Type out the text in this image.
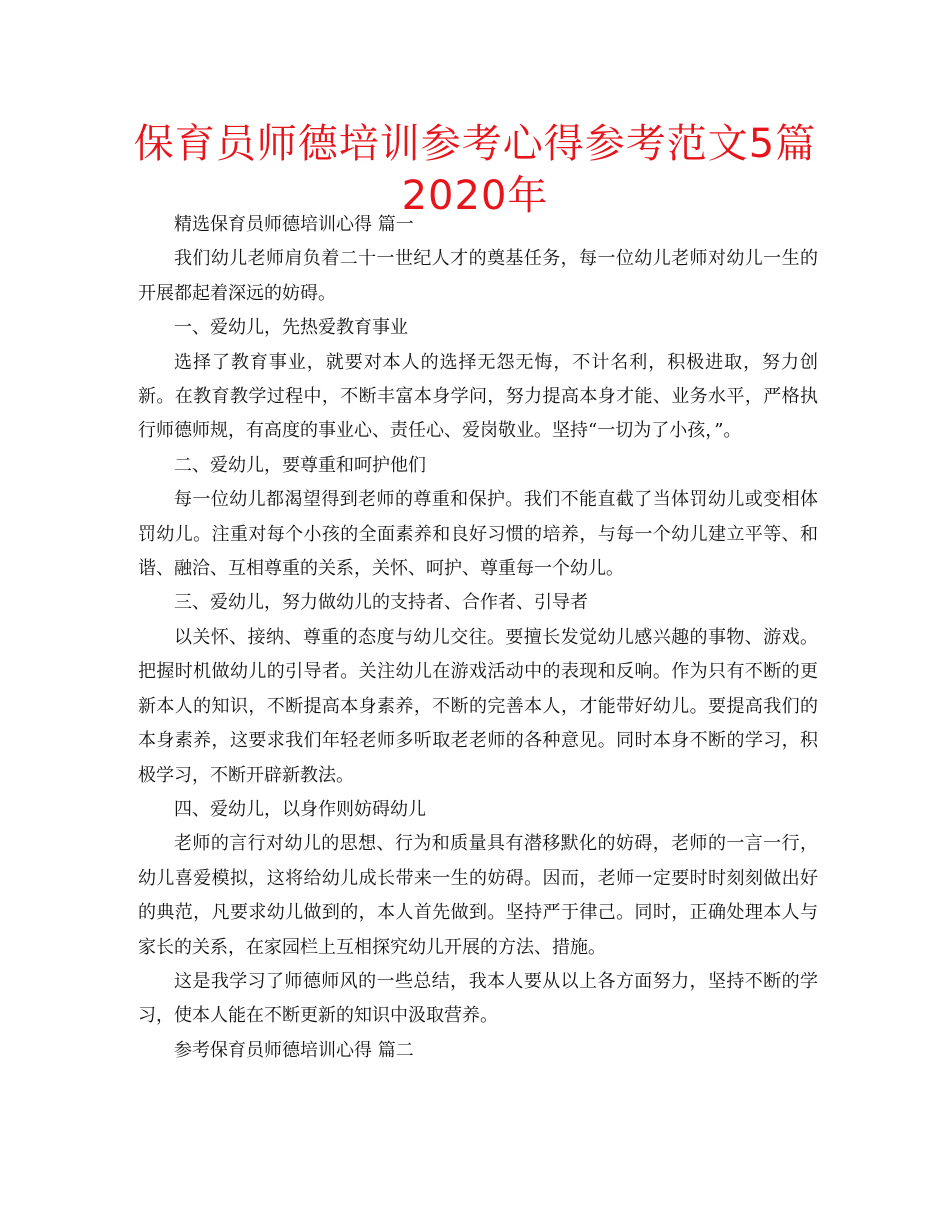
保育员师德培训参考心得参考范文5篇
2020年

精选保育员师德培训心得 篇一

我们幼儿老师肩负着二十一世纪人才的奠基任务，每一位幼儿老师对幼儿一生的开展都起着深远的妨碍。

一、爱幼儿，先热爱教育事业

选择了教育事业，就要对本人的选择无怨无悔，不计名利，积极进取，努力创新。在教育教学过程中，不断丰富本身学问，努力提高本身才能、业务水平，严格执行师德师规，有高度的事业心、责任心、爱岗敬业。坚持“一切为了小孩，”。

二、爱幼儿，要尊重和呵护他们

每一位幼儿都渴望得到老师的尊重和保护。我们不能直截了当体罚幼儿或变相体罚幼儿。注重对每个小孩的全面素养和良好习惯的培养，与每一个幼儿建立平等、和谐、融洽、互相尊重的关系，关怀、呵护、尊重每一个幼儿。

三、爱幼儿，努力做幼儿的支持者、合作者、引导者

以关怀、接纳、尊重的态度与幼儿交往。要擅长发觉幼儿感兴趣的事物、游戏。把握时机做幼儿的引导者。关注幼儿在游戏活动中的表现和反响。作为只有不断的更新本人的知识，不断提高本身素养，不断的完善本人，才能带好幼儿。要提高我们的本身素养，这要求我们年轻老师多听取老老师的各种意见。同时本身不断的学习，积极学习，不断开辟新教法。

四、爱幼儿，以身作则妨碍幼儿

老师的言行对幼儿的思想、行为和质量具有潜移默化的妨碍，老师的一言一行，幼儿喜爱模拟，这将给幼儿成长带来一生的妨碍。因而，老师一定要时时刻刻做出好的典范，凡要求幼儿做到的，本人首先做到。坚持严于律己。同时，正确处理本人与家长的关系，在家园栏上互相探究幼儿开展的方法、措施。

这是我学习了师德师风的一些总结，我本人要从以上各方面努力，坚持不断的学习，使本人能在不断更新的知识中汲取营养。

参考保育员师德培训心得 篇二
